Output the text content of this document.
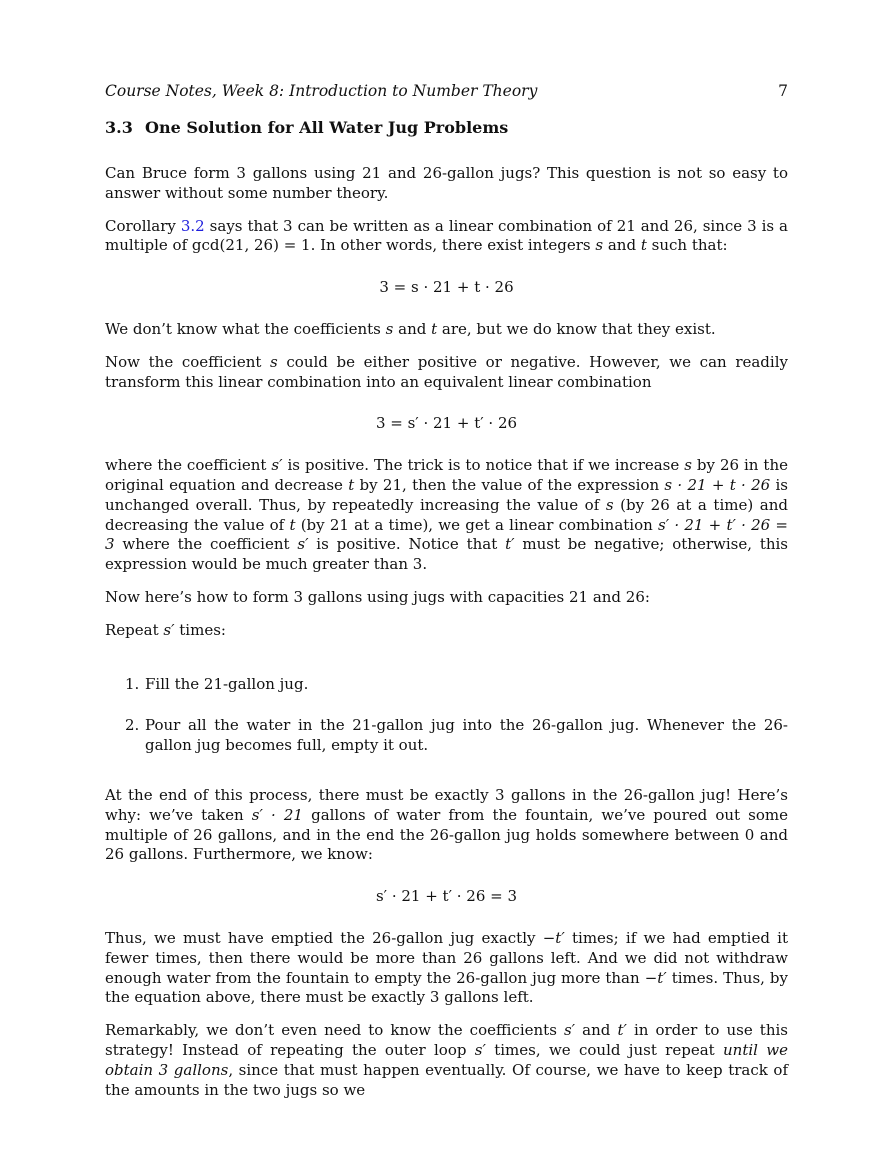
Course Notes, Week 8: Introduction to Number Theory	7
3.3 One Solution for All Water Jug Problems

Can Bruce form 3 gallons using 21 and 26-gallon jugs? This question is not so easy to answer without some number theory.

Corollary 3.2 says that 3 can be written as a linear combination of 21 and 26, since 3 is a multiple of gcd(21, 26) = 1. In other words, there exist integers s and t such that:

3 = s · 21 + t · 26

We don’t know what the coefficients s and t are, but we do know that they exist.

Now the coefficient s could be either positive or negative. However, we can readily transform this linear combination into an equivalent linear combination

3 = s′ · 21 + t′ · 26

where the coefficient s′ is positive. The trick is to notice that if we increase s by 26 in the original equation and decrease t by 21, then the value of the expression s · 21 + t · 26 is unchanged overall. Thus, by repeatedly increasing the value of s (by 26 at a time) and decreasing the value of t (by 21 at a time), we get a linear combination s′ · 21 + t′ · 26 = 3 where the coefficient s′ is positive. Notice that t′ must be negative; otherwise, this expression would be much greater than 3.

Now here’s how to form 3 gallons using jugs with capacities 21 and 26:

Repeat s′ times:

1. Fill the 21-gallon jug.
2. Pour all the water in the 21-gallon jug into the 26-gallon jug. Whenever the 26-gallon jug becomes full, empty it out.

At the end of this process, there must be exactly 3 gallons in the 26-gallon jug! Here’s why: we’ve taken s′ · 21 gallons of water from the fountain, we’ve poured out some multiple of 26 gallons, and in the end the 26-gallon jug holds somewhere between 0 and 26 gallons. Furthermore, we know:

s′ · 21 + t′ · 26 = 3

Thus, we must have emptied the 26-gallon jug exactly −t′ times; if we had emptied it fewer times, then there would be more than 26 gallons left. And we did not withdraw enough water from the fountain to empty the 26-gallon jug more than −t′ times. Thus, by the equation above, there must be exactly 3 gallons left.

Remarkably, we don’t even need to know the coefficients s′ and t′ in order to use this strategy! Instead of repeating the outer loop s′ times, we could just repeat until we obtain 3 gallons, since that must happen eventually. Of course, we have to keep track of the amounts in the two jugs so we
